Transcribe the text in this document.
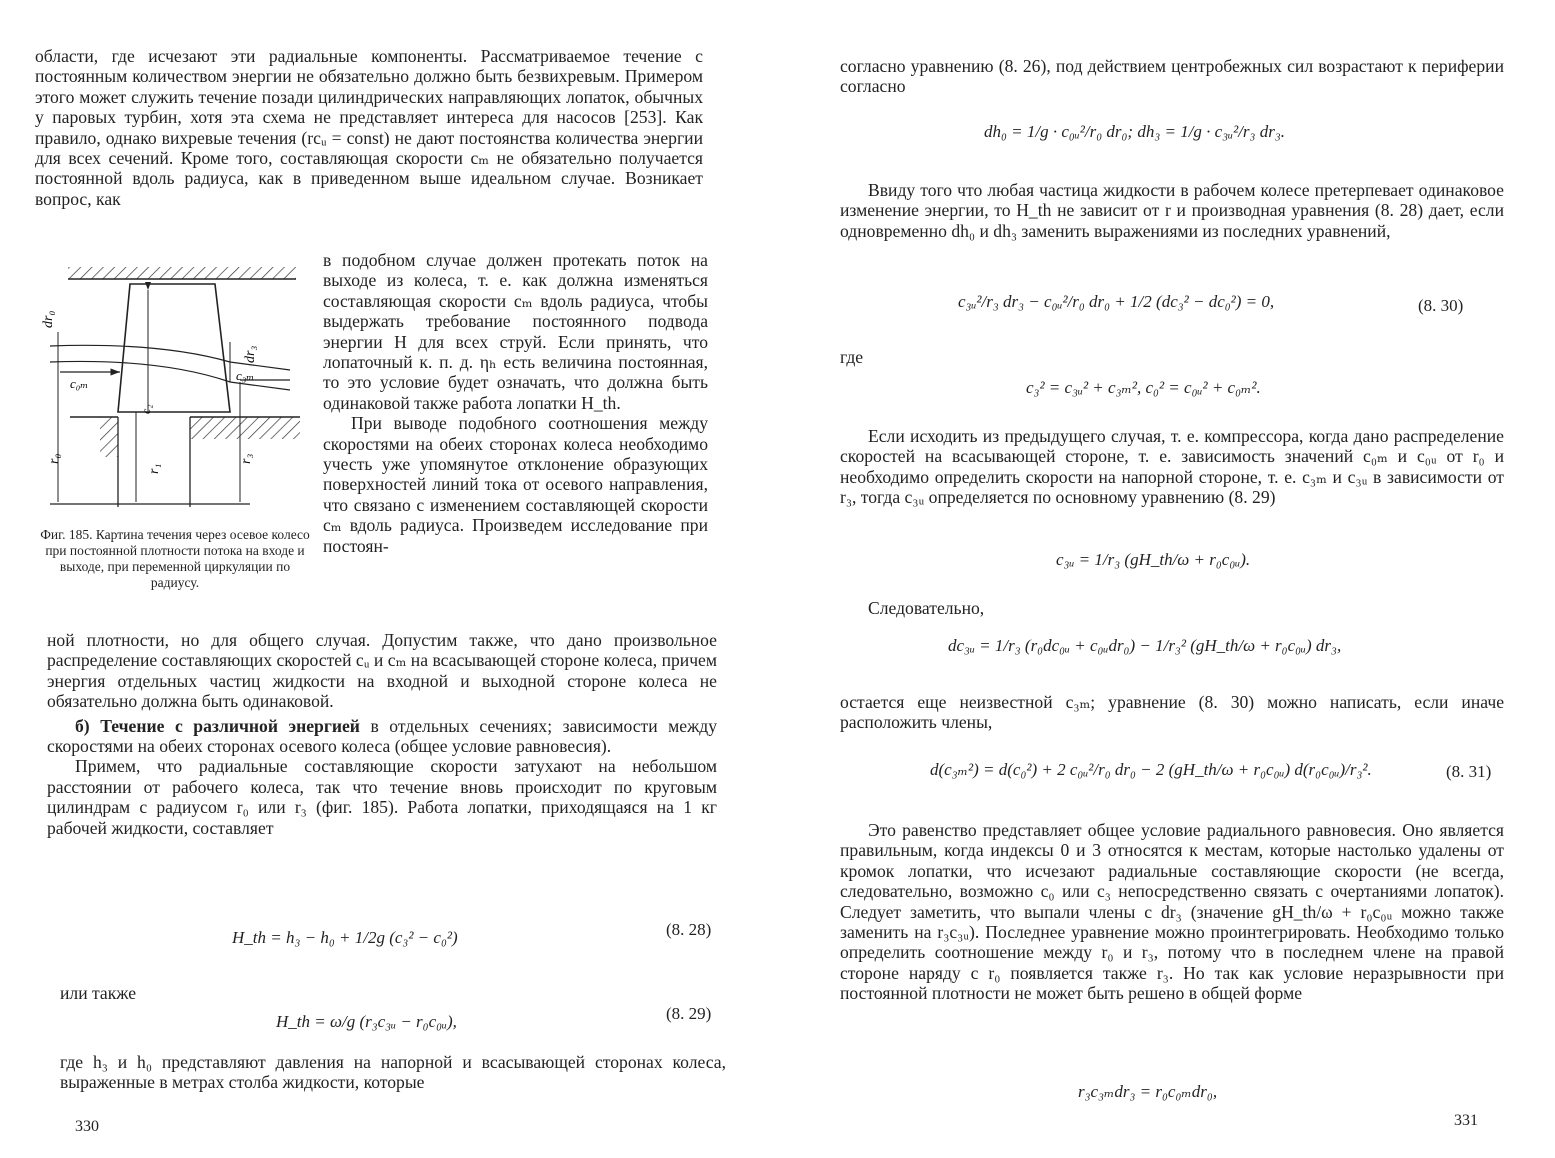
области, где исчезают эти радиальные компоненты. Рассматриваемое течение с постоянным количеством энергии не обязательно должно быть безвихревым. Примером этого может служить течение позади цилиндрических направляющих лопаток, обычных у паровых турбин, хотя эта схема не представляет интереса для насосов [253]. Как правило, однако вихревые течения (rcᵤ = const) не дают постоянства количества энергии для всех сечений. Кроме того, составляющая скорости cₘ не обязательно получается постоянной вдоль радиуса, как в приведенном выше идеальном случае. Возникает вопрос, как

dr₀
c₀ₘ
c₃ₘ
dr₃
r₀
r₁
r₃
c₂
Фиг. 185. Картина течения через осевое колесо при постоянной плотности потока на входе и выходе, при переменной циркуляции по радиусу.

в подобном случае должен протекать поток на выходе из колеса, т. е. как должна изменяться составляющая скорости cₘ вдоль радиуса, чтобы выдержать требование постоянного подвода энергии H для всех струй. Если принять, что лопаточный к. п. д. ηₕ есть величина постоянная, то это условие будет означать, что должна быть одинаковой также работа лопатки H_th.

При выводе подобного соотношения между скоростями на обеих сторонах колеса необходимо учесть уже упомянутое отклонение образующих поверхностей линий тока от осевого направления, что связано с изменением составляющей скорости cₘ вдоль радиуса. Произведем исследование при постоян-

ной плотности, но для общего случая. Допустим также, что дано произвольное распределение составляющих скоростей cᵤ и cₘ на всасывающей стороне колеса, причем энергия отдельных частиц жидкости на входной и выходной стороне колеса не обязательно должна быть одинаковой.

б) Течение с различной энергией в отдельных сечениях; зависимости между скоростями на обеих сторонах осевого колеса (общее условие равновесия).

Примем, что радиальные составляющие скорости затухают на небольшом расстоянии от рабочего колеса, так что течение вновь происходит по круговым цилиндрам с радиусом r₀ или r₃ (фиг. 185). Работа лопатки, приходящаяся на 1 кг рабочей жидкости, составляет

H_th = h₃ − h₀ + 1/2g (c₃² − c₀²)	(8. 28)
или также
H_th = ω/g (r₃c₃ᵤ − r₀c₀ᵤ),	(8. 29)
где h₃ и h₀ представляют давления на напорной и всасывающей сторонах колеса, выраженные в метрах столба жидкости, которые
330
согласно уравнению (8. 26), под действием центробежных сил возрастают к периферии согласно
dh₀ = 1/g · c₀ᵤ²/r₀ dr₀; dh₃ = 1/g · c₃ᵤ²/r₃ dr₃.
Ввиду того что любая частица жидкости в рабочем колесе претерпевает одинаковое изменение энергии, то H_th не зависит от r и производная уравнения (8. 28) дает, если одновременно dh₀ и dh₃ заменить выражениями из последних уравнений,
c₃ᵤ²/r₃ dr₃ − c₀ᵤ²/r₀ dr₀ + 1/2 (dc₃² − dc₀²) = 0,	(8. 30)
где
c₃² = c₃ᵤ² + c₃ₘ², c₀² = c₀ᵤ² + c₀ₘ².
Если исходить из предыдущего случая, т. е. компрессора, когда дано распределение скоростей на всасывающей стороне, т. е. зависимость значений c₀ₘ и c₀ᵤ от r₀ и необходимо определить скорости на напорной стороне, т. е. c₃ₘ и c₃ᵤ в зависимости от r₃, тогда c₃ᵤ определяется по основному уравнению (8. 29)
c₃ᵤ = 1/r₃ (gH_th/ω + r₀c₀ᵤ).
Следовательно,
dc₃ᵤ = 1/r₃ (r₀dc₀ᵤ + c₀ᵤdr₀) − 1/r₃² (gH_th/ω + r₀c₀ᵤ) dr₃,
остается еще неизвестной c₃ₘ; уравнение (8. 30) можно написать, если иначе расположить члены,
d(c₃ₘ²) = d(c₀²) + 2 c₀ᵤ²/r₀ dr₀ − 2 (gH_th/ω + r₀c₀ᵤ) d(r₀c₀ᵤ)/r₃².	(8. 31)
Это равенство представляет общее условие радиального равновесия. Оно является правильным, когда индексы 0 и 3 относятся к местам, которые настолько удалены от кромок лопатки, что исчезают радиальные составляющие скорости (не всегда, следовательно, возможно c₀ или c₃ непосредственно связать с очертаниями лопаток). Следует заметить, что выпали члены с dr₃ (значение gH_th/ω + r₀c₀ᵤ можно также заменить на r₃c₃ᵤ). Последнее уравнение можно проинтегрировать. Необходимо только определить соотношение между r₀ и r₃, потому что в последнем члене на правой стороне наряду с r₀ появляется также r₃. Но так как условие неразрывности при постоянной плотности не может быть решено в общей форме
r₃c₃ₘdr₃ = r₀c₀ₘdr₀,
331
